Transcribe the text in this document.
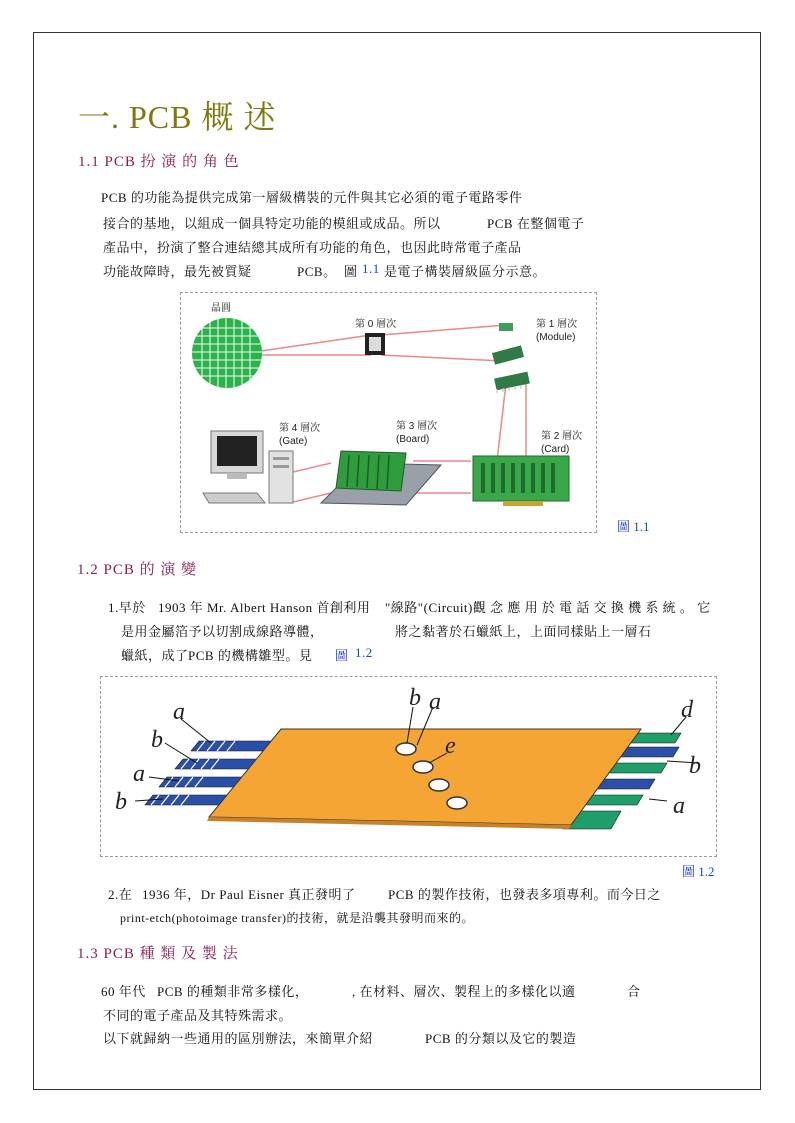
一. PCB 概 述
1.1 PCB 扮 演 的 角 色
PCB 的功能為提供完成第一層級構裝的元件與其它必須的電子電路零件
接合的基地，以組成一個具特定功能的模組或成品。所以	PCB 在整個電子
產品中，扮演了整合連結總其成所有功能的角色，也因此時常電子產品
功能故障時，最先被質疑	PCB。 圖 1.1 是電子構裝層級區分示意。
晶圓
第 0 層次	第 1 層次
(Module)
第 2 層次
(Card)
第 3 層次
(Board)
第 4 層次
(Gate)
圖 1.1
1.2 PCB 的 演 變
1.早於 1903 年 Mr. Albert Hanson 首創利用 "線路"(Circuit)觀 念 應 用 於 電 話 交 換 機 系 統 。 它
是用金屬箔予以切割成線路導體，	將之黏著於石蠟紙上，上面同樣貼上一層石
蠟紙，成了 PCB 的機構雛型。見 圖 1.2
a
b
a
b
b a
e
d
b
a
圖 1.2
2.在 1936 年，Dr Paul Eisner 真正發明了 PCB 的製作技術，也發表多項專利。而今日之
print-etch(photoimage transfer)的技術，就是沿襲其發明而來的。
1.3 PCB 種 類 及 製 法
60 年代 PCB 的種類非常多樣化，	, 在材料、層次、製程上的多樣化以適	合
不同的電子產品及其特殊需求。
以下就歸納一些通用的區別辦法，來簡單介紹	PCB 的分類以及它的製造
